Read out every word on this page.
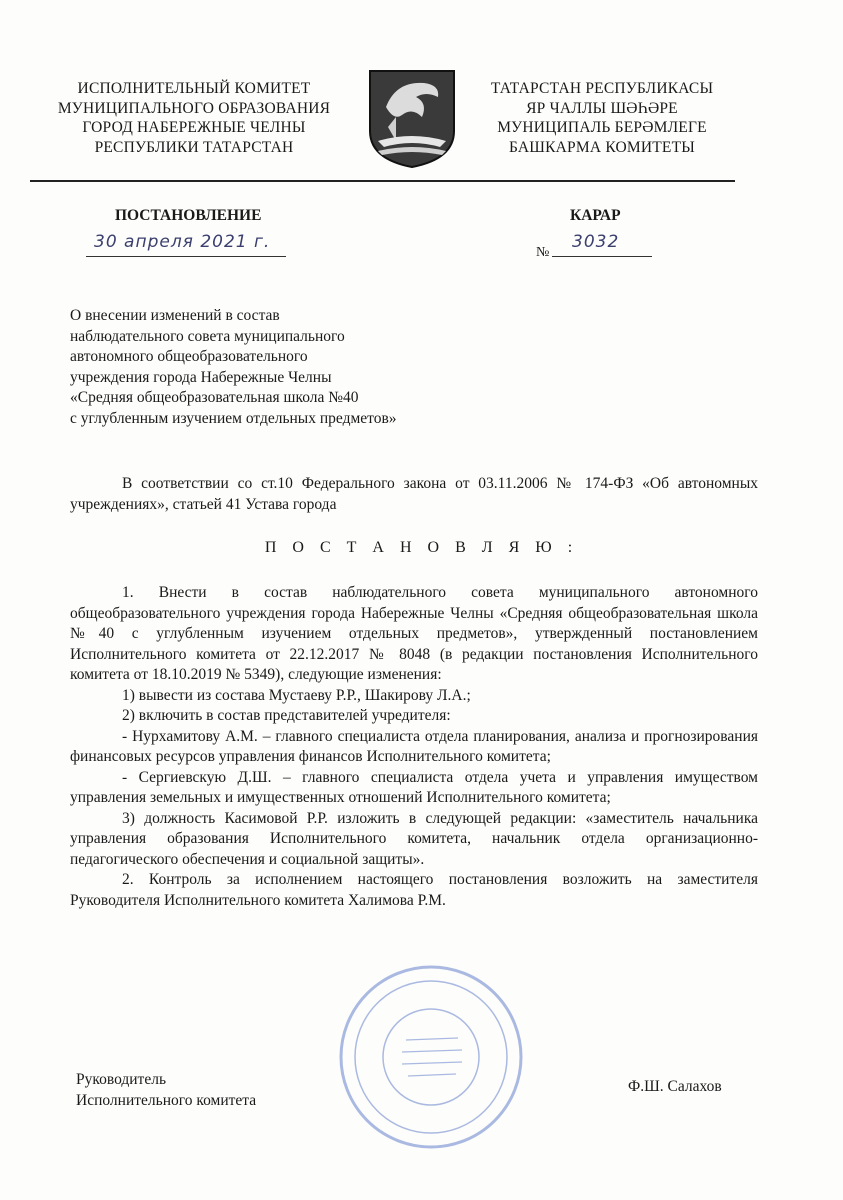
ИСПОЛНИТЕЛЬНЫЙ КОМИТЕТ
МУНИЦИПАЛЬНОГО ОБРАЗОВАНИЯ
ГОРОД НАБЕРЕЖНЫЕ ЧЕЛНЫ
РЕСПУБЛИКИ ТАТАРСТАН
ТАТАРСТАН РЕСПУБЛИКАСЫ
ЯР ЧАЛЛЫ ШӘҺӘРЕ
МУНИЦИПАЛЬ БЕРӘМЛЕГЕ
БАШКАРМА КОМИТЕТЫ
ПОСТАНОВЛЕНИЕ	КАРАР
30 апреля 2021 г.
№
3032
О внесении изменений в состав
наблюдательного совета муниципального
автономного общеобразовательного
учреждения города Набережные Челны
«Средняя общеобразовательная школа №40
с углубленным изучением отдельных предметов»

В соответствии со ст.10 Федерального закона от 03.11.2006 № 174-ФЗ «Об автономных учреждениях», статьей 41 Устава города

П О С Т А Н О В Л Я Ю :

1. Внести в состав наблюдательного совета муниципального автономного общеобразовательного учреждения города Набережные Челны «Средняя общеобразовательная школа №40 с углубленным изучением отдельных предметов», утвержденный постановлением Исполнительного комитета от 22.12.2017 № 8048 (в редакции постановления Исполнительного комитета от 18.10.2019 № 5349), следующие изменения:

1) вывести из состава Мустаеву Р.Р., Шакирову Л.А.;

2) включить в состав представителей учредителя:

- Нурхамитову А.М. – главного специалиста отдела планирования, анализа и прогнозирования финансовых ресурсов управления финансов Исполнительного комитета;

- Сергиевскую Д.Ш. – главного специалиста отдела учета и управления имуществом управления земельных и имущественных отношений Исполнительного комитета;

3) должность Касимовой Р.Р. изложить в следующей редакции: «заместитель начальника управления образования Исполнительного комитета, начальник отдела организационно-педагогического обеспечения и социальной защиты».

2. Контроль за исполнением настоящего постановления возложить на заместителя Руководителя Исполнительного комитета Халимова Р.М.

Руководитель
Исполнительного комитета
Ф.Ш. Салахов
